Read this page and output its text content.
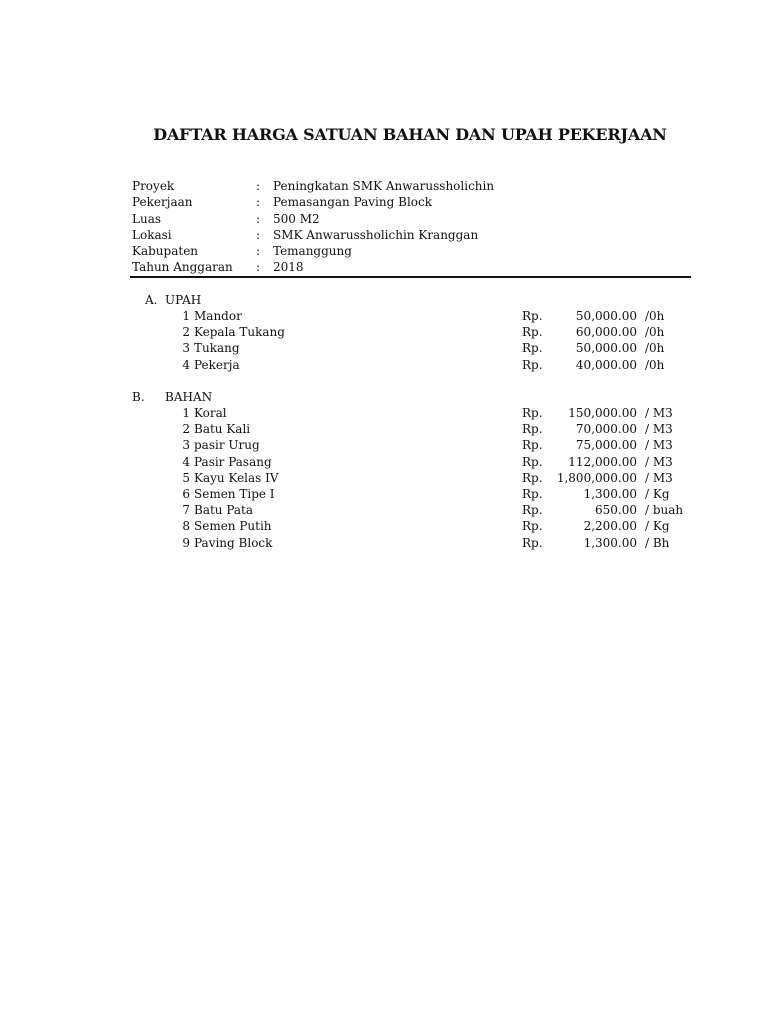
DAFTAR HARGA SATUAN BAHAN DAN UPAH PEKERJAAN
Proyek	: Peningkatan SMK Anwarussholichin
Pekerjaan	: Pemasangan Paving Block
Luas	: 500 M2
Lokasi	: SMK Anwarussholichin Kranggan
Kabupaten	: Temanggung
Tahun Anggaran : 2018
A. UPAH
1 Mandor	Rp.	50,000.00 /0h
2 Kepala Tukang	Rp.	60,000.00 /0h
3 Tukang	Rp.	50,000.00 /0h
4 Pekerja	Rp.	40,000.00 /0h
B. BAHAN
1 Koral	Rp. 150,000.00 / M3
2 Batu Kali	Rp.	70,000.00 / M3
3 pasir Urug	Rp.	75,000.00 / M3
4 Pasir Pasang	Rp. 112,000.00 / M3
5 Kayu Kelas IV	Rp. 1,800,000.00 / M3
6 Semen Tipe I	Rp.	1,300.00 / Kg
7 Batu Pata	Rp.	650.00 / buah
8 Semen Putih	Rp.	2,200.00 / Kg
9 Paving Block	Rp.	1,300.00 / Bh
